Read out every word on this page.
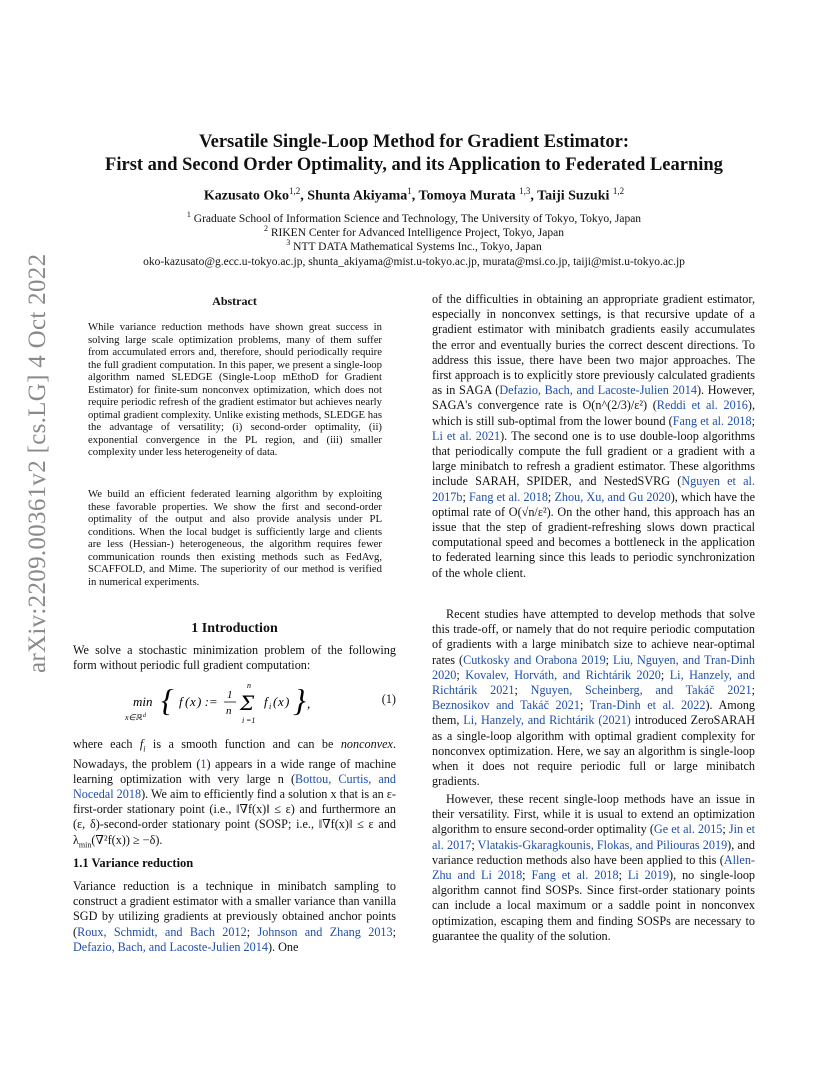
arXiv:2209.00361v2 [cs.LG] 4 Oct 2022
Versatile Single-Loop Method for Gradient Estimator:
First and Second Order Optimality, and its Application to Federated Learning
Kazusato Oko$^{1,2}$, Shunta Akiyama$^1$, Tomoya Murata $^{1,3}$, Taiji Suzuki $^{1,2}$
$^1$ Graduate School of Information Science and Technology, The University of Tokyo, Tokyo, Japan
$^2$ RIKEN Center for Advanced Intelligence Project, Tokyo, Japan
$^3$ NTT DATA Mathematical Systems Inc., Tokyo, Japan
oko-kazusato@g.ecc.u-tokyo.ac.jp, shunta_akiyama@mist.u-tokyo.ac.jp, murata@msi.co.jp, taiji@mist.u-tokyo.ac.jp
Abstract
While variance reduction methods have shown great success in solving large scale optimization problems, many of them suffer from accumulated errors and, therefore, should periodically require the full gradient computation. In this paper, we present a single-loop algorithm named SLEDGE (Single-Loop mEthoD for Gradient Estimator) for finite-sum nonconvex optimization, which does not require periodic refresh of the gradient estimator but achieves nearly optimal gradient complexity. Unlike existing methods, SLEDGE has the advantage of versatility; (i) second-order optimality, (ii) exponential convergence in the PL region, and (iii) smaller complexity under less heterogeneity of data.
We build an efficient federated learning algorithm by exploiting these favorable properties. We show the first and second-order optimality of the output and also provide analysis under PL conditions. When the local budget is sufficiently large and clients are less (Hessian-) heterogeneous, the algorithm requires fewer communication rounds then existing methods such as FedAvg, SCAFFOLD, and Mime. The superiority of our method is verified in numerical experiments.
1 Introduction

We solve a stochastic minimization problem of the following form without periodic full gradient computation:

min
x∈ℝ d { f ( x ) := 1
n
n
Σ
i =1
f i ( x ) } ,	(1)

where each $f_i$ is a smooth function and can be nonconvex. Nowadays, the problem (1) appears in a wide range of machine learning optimization with very large n (Bottou, Curtis, and Nocedal 2018). We aim to efficiently find a solution x that is an ε-first-order stationary point (i.e., ‖∇f(x)‖ ≤ ε) and furthermore an (ε, δ)-second-order stationary point (SOSP; i.e., ‖∇f(x)‖ ≤ ε and $\lambda_{min}(\nabla^2f(x)) \ge -\delta$).

1.1 Variance reduction

Variance reduction is a technique in minibatch sampling to construct a gradient estimator with a smaller variance than vanilla SGD by utilizing gradients at previously obtained anchor points (Roux, Schmidt, and Bach 2012; Johnson and Zhang 2013; Defazio, Bach, and Lacoste-Julien 2014). One

of the difficulties in obtaining an appropriate gradient estimator, especially in nonconvex settings, is that recursive update of a gradient estimator with minibatch gradients easily accumulates the error and eventually buries the correct descent directions. To address this issue, there have been two major approaches. The first approach is to explicitly store previously calculated gradients as in SAGA (Defazio, Bach, and Lacoste-Julien 2014). However, SAGA's convergence rate is O(n^(2/3)/ε²) (Reddi et al. 2016), which is still sub-optimal from the lower bound (Fang et al. 2018; Li et al. 2021). The second one is to use double-loop algorithms that periodically compute the full gradient or a gradient with a large minibatch to refresh a gradient estimator. These algorithms include SARAH, SPIDER, and NestedSVRG (Nguyen et al. 2017b; Fang et al. 2018; Zhou, Xu, and Gu 2020), which have the optimal rate of O(√n/ε²). On the other hand, this approach has an issue that the step of gradient-refreshing slows down practical computational speed and becomes a bottleneck in the application to federated learning since this leads to periodic synchronization of the whole client.

Recent studies have attempted to develop methods that solve this trade-off, or namely that do not require periodic computation of gradients with a large minibatch size to achieve near-optimal rates (Cutkosky and Orabona 2019; Liu, Nguyen, and Tran-Dinh 2020; Kovalev, Horváth, and Richtárik 2020; Li, Hanzely, and Richtárik 2021; Nguyen, Scheinberg, and Takáč 2021; Beznosikov and Takáč 2021; Tran-Dinh et al. 2022). Among them, Li, Hanzely, and Richtárik (2021) introduced ZeroSARAH as a single-loop algorithm with optimal gradient complexity for nonconvex optimization. Here, we say an algorithm is single-loop when it does not require periodic full or large minibatch gradients.

However, these recent single-loop methods have an issue in their versatility. First, while it is usual to extend an optimization algorithm to ensure second-order optimality (Ge et al. 2015; Jin et al. 2017; Vlatakis-Gkaragkounis, Flokas, and Piliouras 2019), and variance reduction methods also have been applied to this (Allen-Zhu and Li 2018; Fang et al. 2018; Li 2019), no single-loop algorithm cannot find SOSPs. Since first-order stationary points can include a local maximum or a saddle point in nonconvex optimization, escaping them and finding SOSPs are necessary to guarantee the quality of the solution.
